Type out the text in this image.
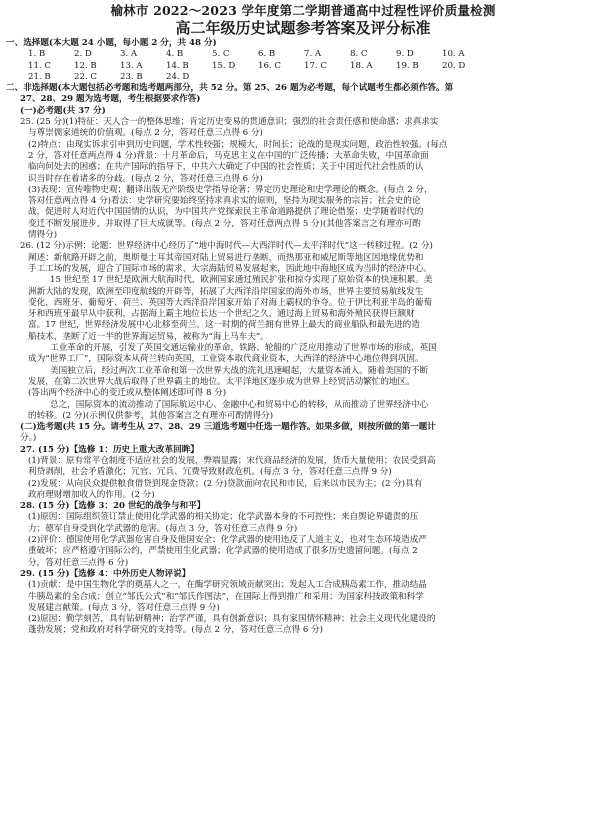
榆林市 2022～2023 学年度第二学期普通高中过程性评价质量检测
高二年级历史试题参考答案及评分标准
一、选择题(本大题 24 小题，每小题 2 分，共 48 分)
1. B	2. D	3. A	4. B	5. C	6. B	7. A	8. C	9. D	10. A
11. C	12. B	13. A	14. B	15. D	16. C	17. C	18. A	19. B	20. D
21. B	22. C	23. B	24. D
二、非选择题(本大题包括必考题和选考题两部分，共 52 分。第 25、26 题为必考题，每个试题考生都必须作答。第
27、28、29 题为选考题，考生根据要求作答)
(一)必考题(共 37 分)
25. (25 分)(1)特征：天人合一的整体思维；肯定历史变易的贯通意识；强烈的社会责任感和使命感；求真求实
与尊崇儒家道统的价值观。(每点 2 分，答对任意三点得 6 分)
(2)特点：由现实诉求引申到历史问题，学术性较强；规模大，时间长；论战的是现实问题，政治性较强。(每点
2 分，答对任意两点得 4 分)背景：十月革命后，马克思主义在中国的广泛传播；大革命失败，中国革命面
临向何处去的困惑；在共产国际的指导下，中共六大确定了中国的社会性质；关于中国近代社会性质的认
识当时存在着诸多的分歧。(每点 2 分，答对任意三点得 6 分)
(3)表现：宣传唯物史观；翻译出版无产阶级史学指导论著；界定历史理论和史学理论的概念。(每点 2 分，
答对任意两点得 4 分)看法：史学研究要始终坚持求真求实的原则，坚持为现实服务的宗旨；社会史的论
战，促进时人对近代中国国情的认识，为中国共产党探索民主革命道路提供了理论借鉴；史学随着时代的
变迁不断发展进步，并取得了巨大成就等。(每点 2 分，答对任意两点得 5 分)(其他答案言之有理亦可酌
情得分)
26. (12 分)示例：论题：世界经济中心经历了“地中海时代—大西洋时代—太平洋时代”这一转移过程。(2 分)
阐述：新航路开辟之前，奥斯曼土耳其帝国对陆上贸易进行垄断，而热那亚和威尼斯等地区因地缘优势和
手工工场的发展，迎合了国际市场的需求，大宗海陆贸易发展起来，因此地中海地区成为当时的经济中心。
15 世纪至 17 世纪是欧洲大航海时代，欧洲国家通过殖民扩张和掠夺实现了原始资本的快速积累。美
洲新大陆的发现，欧洲至印度航线的开辟等，拓展了大西洋沿岸国家的海外市场，世界主要贸易航线发生
变化，西班牙、葡萄牙、荷兰、英国等大西洋沿岸国家开始了对海上霸权的争夺。位于伊比利亚半岛的葡萄
牙和西班牙最早从中获利，占据海上霸主地位长达一个世纪之久，通过海上贸易和海外殖民获得巨额财
富。17 世纪，世界经济发展中心北移至荷兰。这一时期的荷兰拥有世界上最大的商业船队和最先进的造
船技术，垄断了近一半的世界海运贸易，被称为“海上马车夫”。
工业革命的开展，引发了英国交通运输业的革命，铁路、轮船的广泛应用推动了世界市场的形成，英国
成为“世界工厂”，国际资本从荷兰转向英国，工业资本取代商业资本，大西洋的经济中心地位得到巩固。
美国独立后，经过两次工业革命和第一次世界大战的洗礼迅速崛起，大量资本涌入。随着美国的不断
发展，在第二次世界大战后取得了世界霸主的地位。太平洋地区逐步成为世界上经贸活动繁忙的地区。
(答出两个经济中心的变迁或从整体阐述即可得 8 分)
总之，国际资本的流动推动了国际航运中心、金融中心和贸易中心的转移，从而推动了世界经济中心
的转移。(2 分)(示例仅供参考，其他答案言之有理亦可酌情得分)
(二)选考题(共 15 分。请考生从 27、28、29 三道选考题中任选一题作答。如果多做，则按所做的第一题计
分。)
27. (15 分)【选修 1：历史上重大改革回眸】
(1)背景：原有常平仓制度不适应社会的发展，弊端显露；宋代商品经济的发展，货币大量使用；农民受到高
利贷剥削，社会矛盾激化；冗官、冗兵、冗费导致财政危机。(每点 3 分，答对任意三点得 9 分)
(2)发展：从向民众提供粮食借贷到现金贷款；(2 分)贷款面向农民和市民，后来以市民为主；(2 分)具有
政府理财增加收入的作用。(2 分)
28. (15 分)【选修 3：20 世纪的战争与和平】
(1)原因：国际组织签订禁止使用化学武器的相关协定；化学武器本身的不可控性；来自舆论界谴责的压
力；德军自身受到化学武器的危害。(每点 3 分，答对任意三点得 9 分)
(2)评价：德国使用化学武器危害自身及他国安全；化学武器的使用违反了人道主义，也对生态环境造成严
重破坏；应严格遵守国际公约，严禁使用生化武器；化学武器的使用造成了很多历史遗留问题。(每点 2
分，答对任意三点得 6 分)
29. (15 分)【选修 4：中外历史人物评说】
(1)贡献：是中国生物化学的奠基人之一，在酶学研究领域贡献突出；发起人工合成胰岛素工作，推动结晶
牛胰岛素的全合成；创立“邹氏公式”和“邹氏作图法”，在国际上得到推广和采用；为国家科技政策和科学
发展建言献策。(每点 3 分，答对任意三点得 9 分)
(2)原因：勤学刻苦，具有钻研精神；治学严谨，具有创新意识；具有家国情怀精神；社会主义现代化建设的
蓬勃发展；党和政府对科学研究的支持等。(每点 2 分，答对任意三点得 6 分)
